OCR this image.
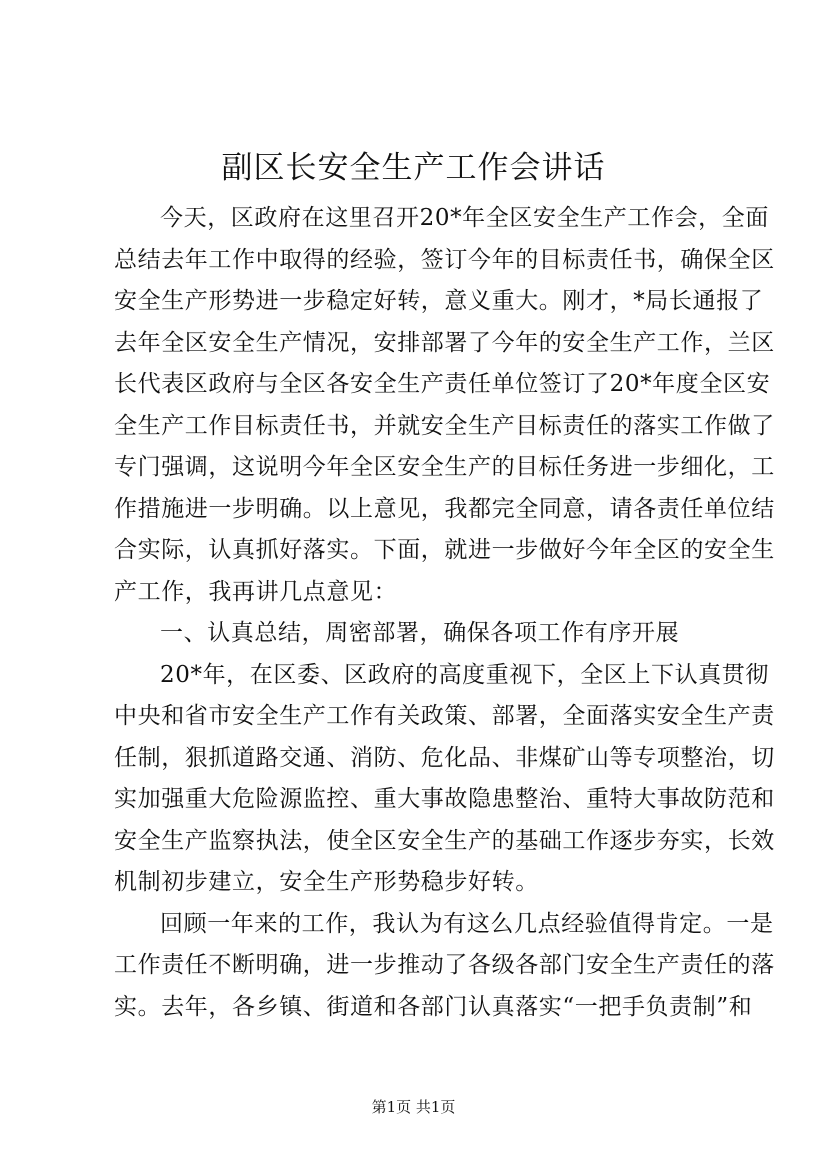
副区长安全生产工作会讲话
今天，区政府在这里召开20*年全区安全生产工作会，全面
总结去年工作中取得的经验，签订今年的目标责任书，确保全区
安全生产形势进一步稳定好转，意义重大。刚才，*局长通报了
去年全区安全生产情况，安排部署了今年的安全生产工作，兰区
长代表区政府与全区各安全生产责任单位签订了20*年度全区安
全生产工作目标责任书，并就安全生产目标责任的落实工作做了
专门强调，这说明今年全区安全生产的目标任务进一步细化，工
作措施进一步明确。以上意见，我都完全同意，请各责任单位结
合实际，认真抓好落实。下面，就进一步做好今年全区的安全生
产工作，我再讲几点意见：
一、认真总结，周密部署，确保各项工作有序开展
20*年，在区委、区政府的高度重视下，全区上下认真贯彻
中央和省市安全生产工作有关政策、部署，全面落实安全生产责
任制，狠抓道路交通、消防、危化品、非煤矿山等专项整治，切
实加强重大危险源监控、重大事故隐患整治、重特大事故防范和
安全生产监察执法，使全区安全生产的基础工作逐步夯实，长效
机制初步建立，安全生产形势稳步好转。
回顾一年来的工作，我认为有这么几点经验值得肯定。一是
工作责任不断明确，进一步推动了各级各部门安全生产责任的落
实。去年，各乡镇、街道和各部门认真落实“一把手负责制”和
第1页 共1页
